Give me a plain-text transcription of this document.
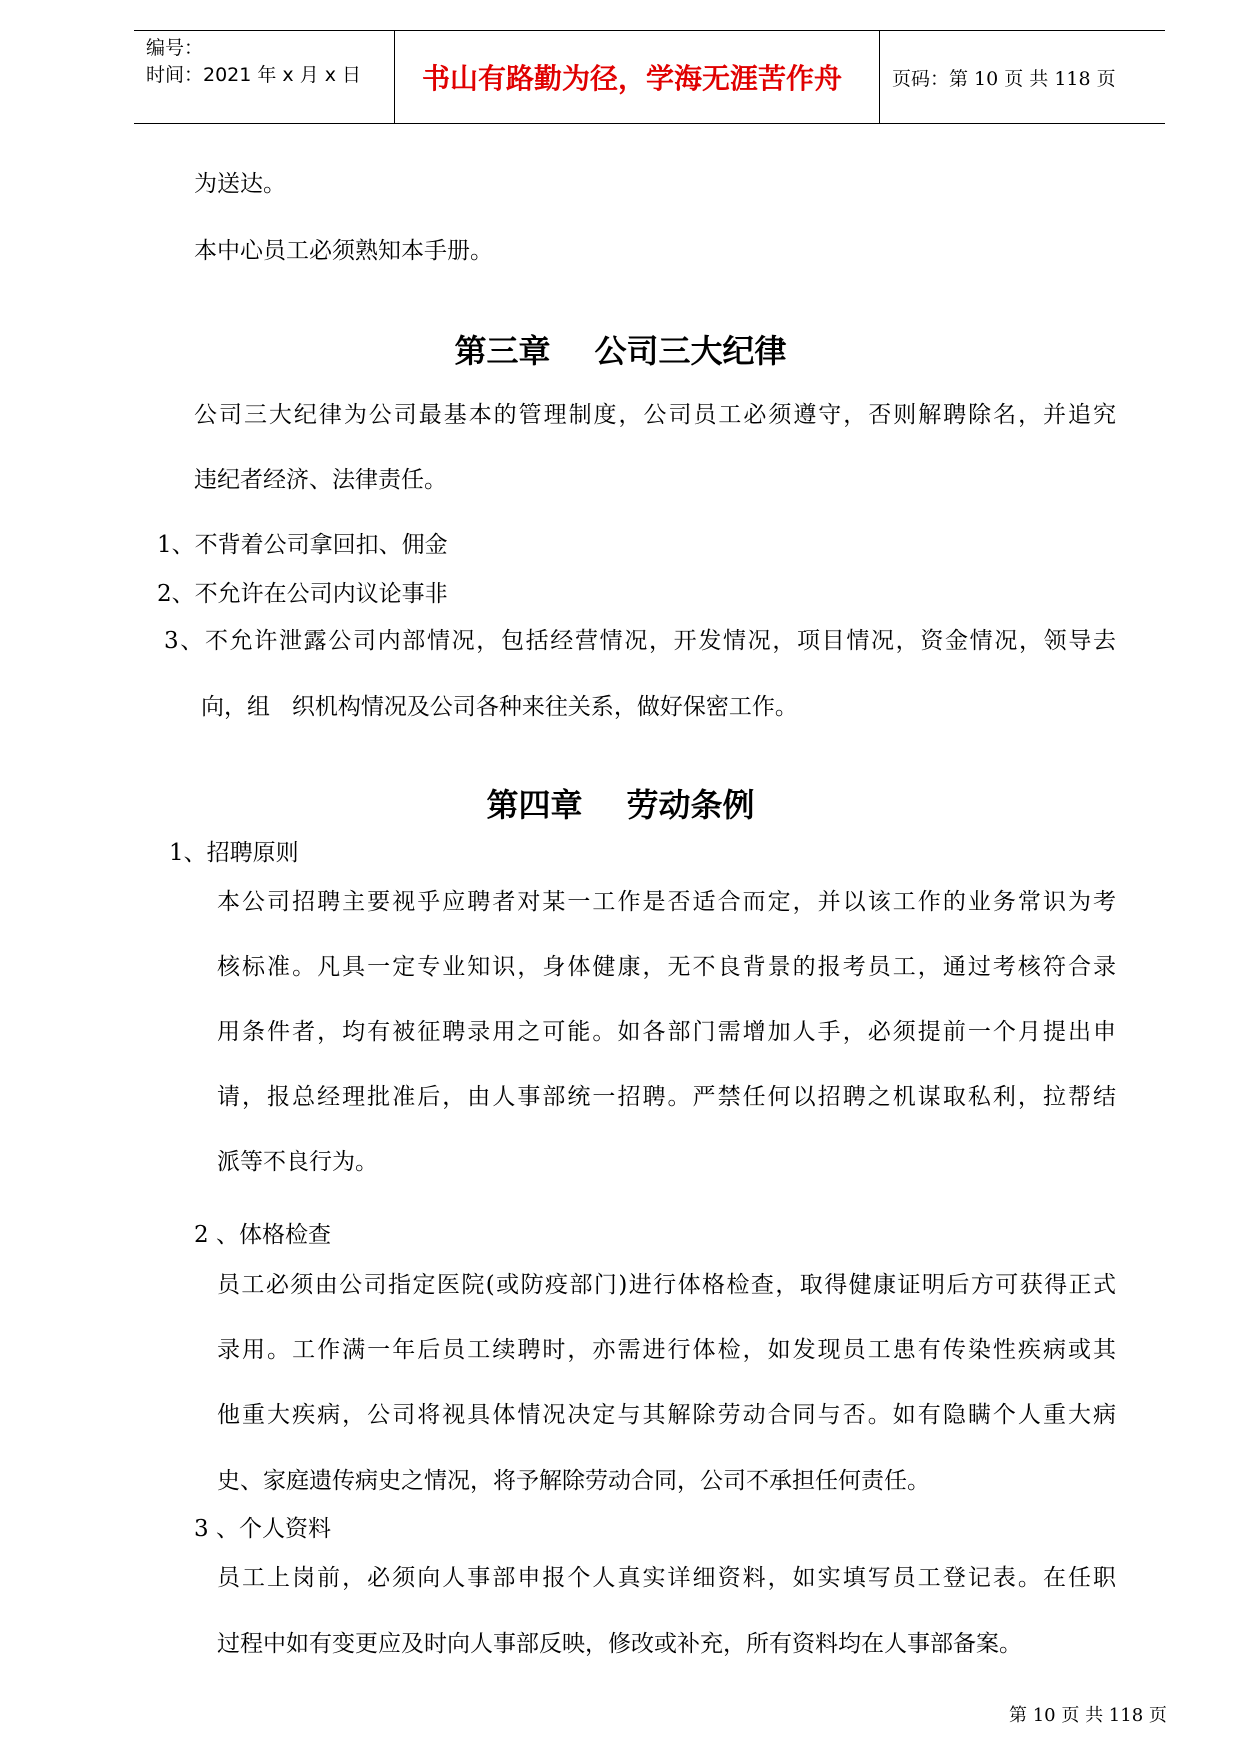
编号：
时间：2021 年 x 月 x 日	书山有路勤为径，学海无涯苦作舟	页码：第 10 页 共 118 页

为送达。

本中心员工必须熟知本手册。

第三章 公司三大纪律

公司三大纪律为公司最基本的管理制度，公司员工必须遵守，否则解聘除名，并追究

违纪者经济、法律责任。

1、不背着公司拿回扣、佣金

2、不允许在公司内议论事非

3、不允许泄露公司内部情况，包括经营情况，开发情况，项目情况，资金情况，领导去

向，组   织机构情况及公司各种来往关系，做好保密工作。

第四章 劳动条例

1、招聘原则

本公司招聘主要视乎应聘者对某一工作是否适合而定，并以该工作的业务常识为考

核标准。凡具一定专业知识，身体健康，无不良背景的报考员工，通过考核符合录

用条件者，均有被征聘录用之可能。如各部门需增加人手，必须提前一个月提出申

请，报总经理批准后，由人事部统一招聘。严禁任何以招聘之机谋取私利，拉帮结

派等不良行为。

2 、体格检查

员工必须由公司指定医院(或防疫部门)进行体格检查，取得健康证明后方可获得正式

录用。工作满一年后员工续聘时，亦需进行体检，如发现员工患有传染性疾病或其

他重大疾病，公司将视具体情况决定与其解除劳动合同与否。如有隐瞒个人重大病

史、家庭遗传病史之情况，将予解除劳动合同，公司不承担任何责任。

3 、个人资料

员工上岗前，必须向人事部申报个人真实详细资料，如实填写员工登记表。在任职

过程中如有变更应及时向人事部反映，修改或补充，所有资料均在人事部备案。

第 10 页 共 118 页
